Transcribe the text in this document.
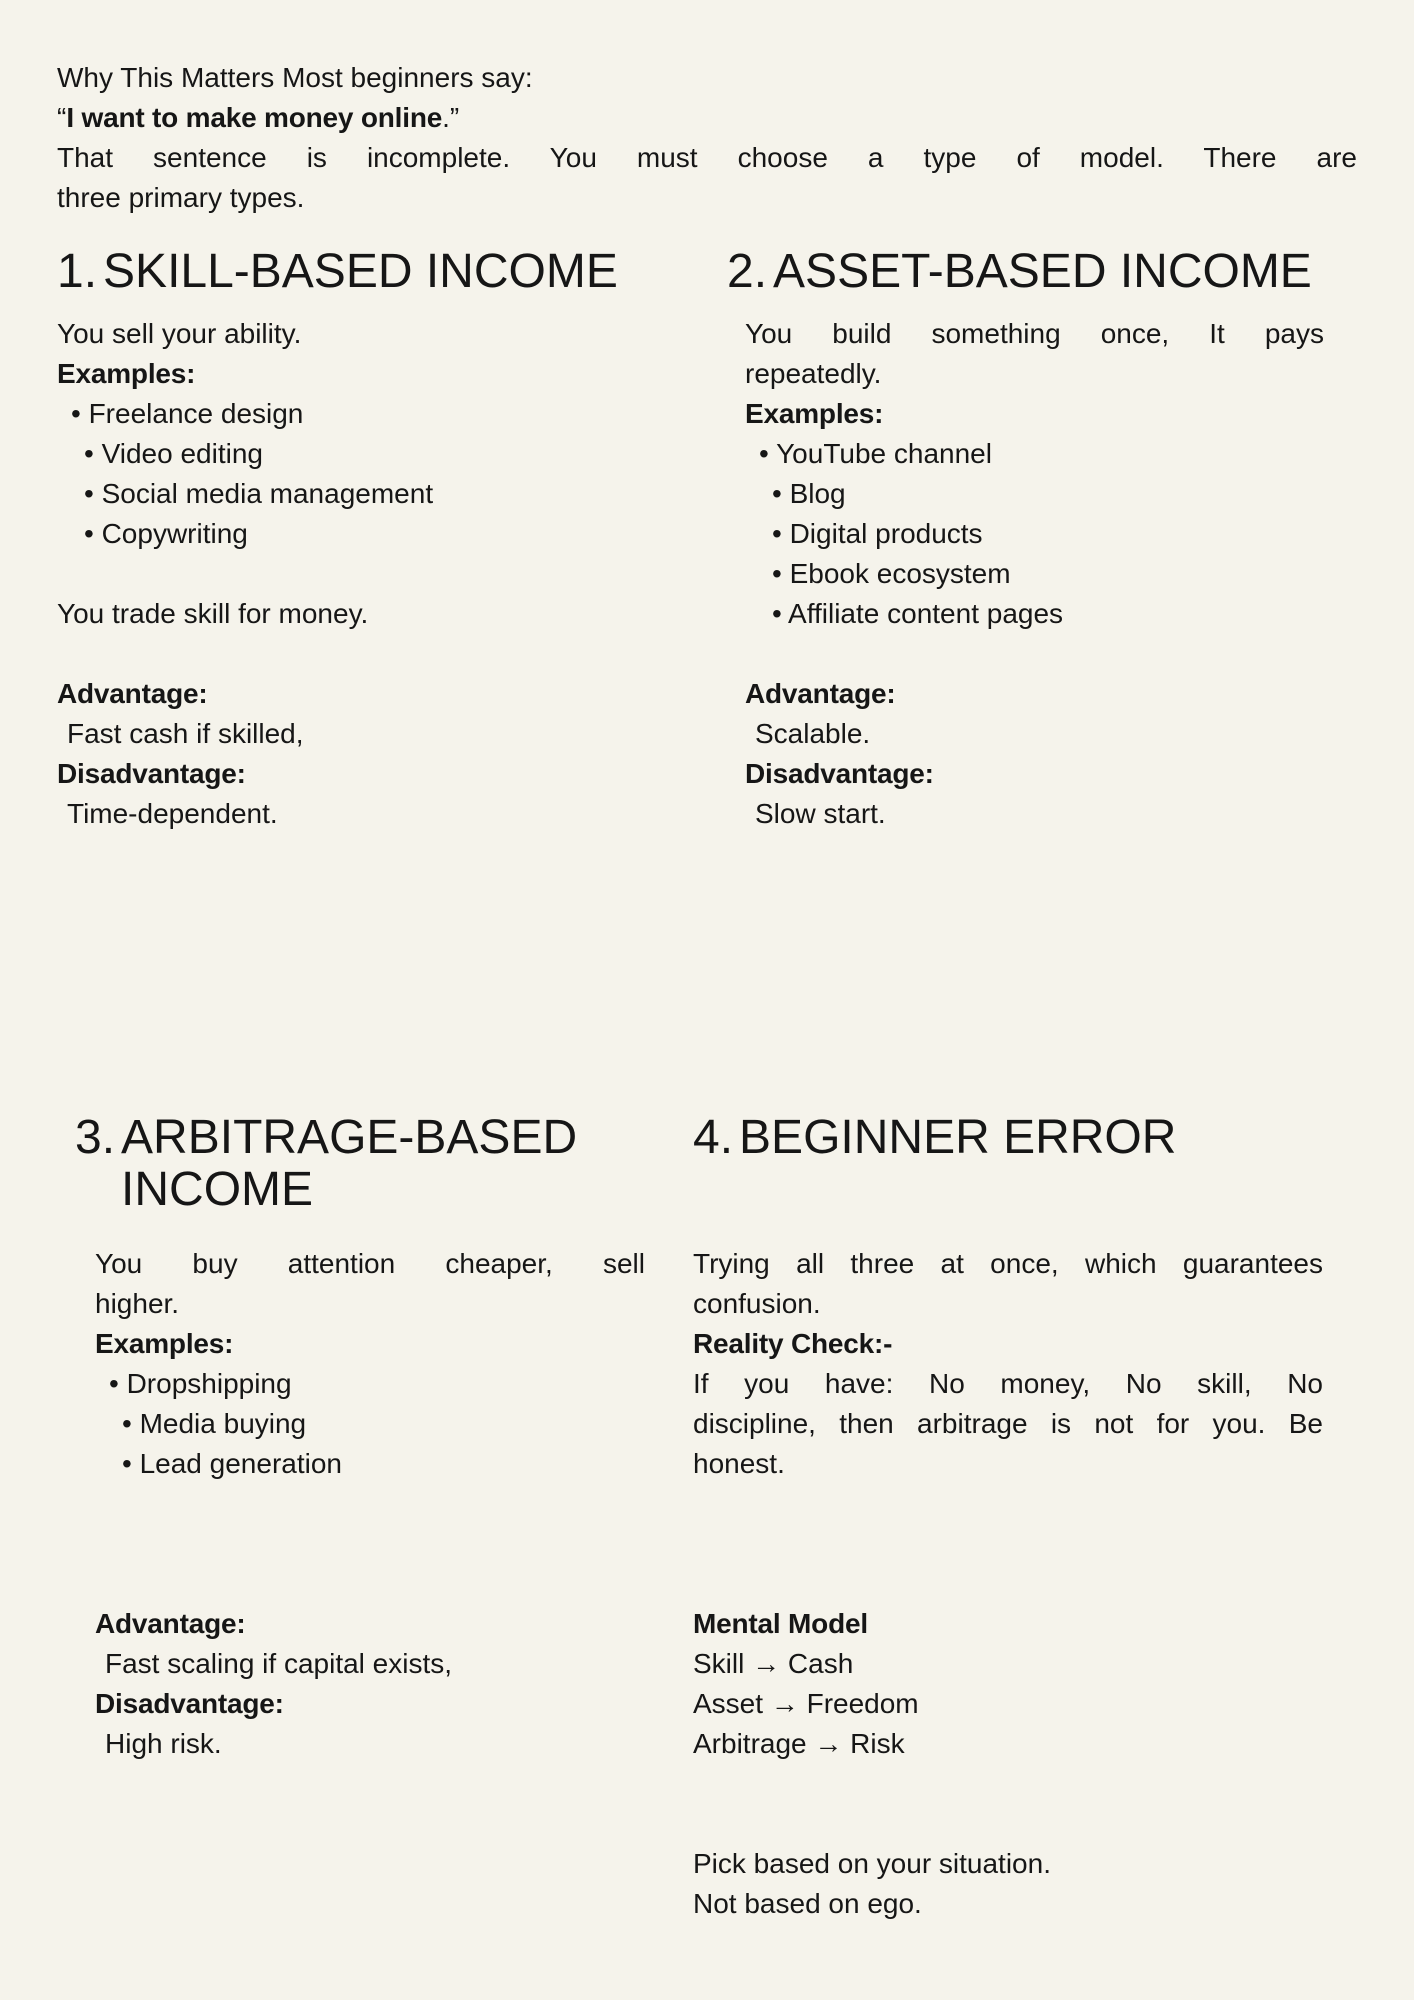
Why This Matters Most beginners say:
“I want to make money online.”
That sentence is incomplete. You must choose a type of model. There are
three primary types.
1. SKILL-BASED INCOME
You sell your ability.
Examples:
• Freelance design
• Video editing
• Social media management
• Copywriting
You trade skill for money.
Advantage:
Fast cash if skilled,
Disadvantage:
Time-dependent.
2. ASSET-BASED INCOME
You build something once, It pays
repeatedly.
Examples:
• YouTube channel
• Blog
• Digital products
• Ebook ecosystem
• Affiliate content pages
Advantage:
Scalable.
Disadvantage:
Slow start.
3. ARBITRAGE-BASED INCOME
You buy attention cheaper, sell
higher.
Examples:
• Dropshipping
• Media buying
• Lead generation
Advantage:
Fast scaling if capital exists,
Disadvantage:
High risk.
4. BEGINNER ERROR
Trying all three at once, which guarantees
confusion.
Reality Check:-
If you have: No money, No skill, No
discipline, then arbitrage is not for you. Be
honest.
Mental Model
Skill → Cash
Asset → Freedom
Arbitrage → Risk
Pick based on your situation.
Not based on ego.
